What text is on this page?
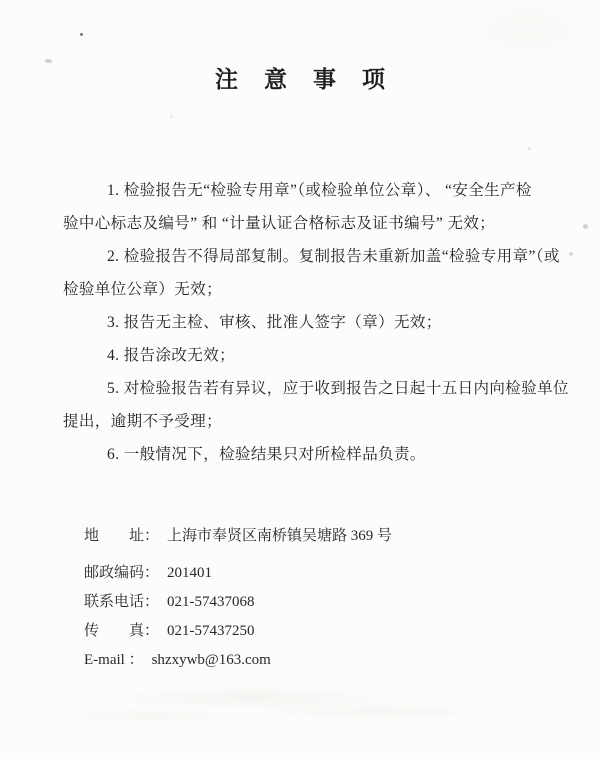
注意事项
1. 检验报告无“检验专用章”（或检验单位公章）、 “安全生产检
验中心标志及编号” 和 “计量认证合格标志及证书编号” 无效；
2. 检验报告不得局部复制。复制报告未重新加盖“检验专用章”（或
检验单位公章）无效；
3. 报告无主检、审核、批准人签字（章）无效；
4. 报告涂改无效；
5. 对检验报告若有异议，应于收到报告之日起十五日内向检验单位
提出，逾期不予受理；
6. 一般情况下，检验结果只对所检样品负责。
地　　址： 上海市奉贤区南桥镇吴塘路 369 号
邮政编码： 201401
联系电话： 021-57437068
传　　真： 021-57437250
E-mail ： shzxywb@163.com
